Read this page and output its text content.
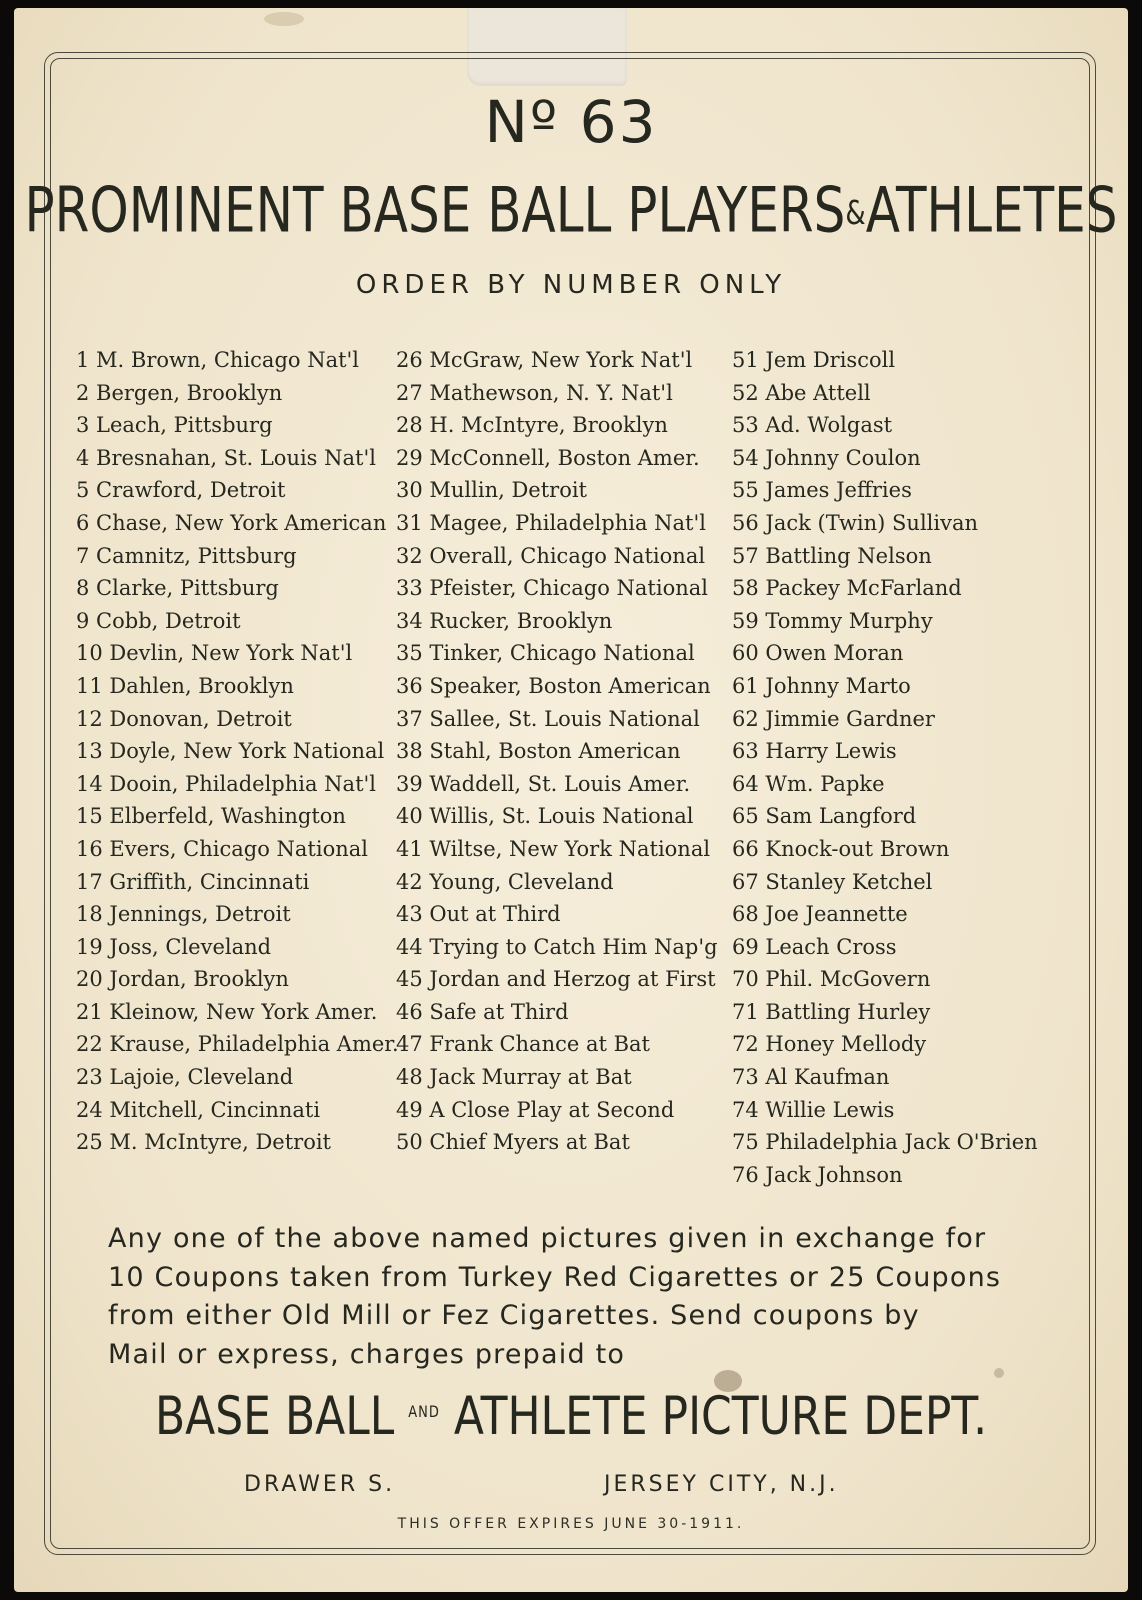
Nº 63
PROMINENT BASE BALL PLAYERS&ATHLETES
ORDER BY NUMBER ONLY
1 M. Brown, Chicago Nat'l
2 Bergen, Brooklyn
3 Leach, Pittsburg
4 Bresnahan, St. Louis Nat'l
5 Crawford, Detroit
6 Chase, New York American
7 Camnitz, Pittsburg
8 Clarke, Pittsburg
9 Cobb, Detroit
10 Devlin, New York Nat'l
11 Dahlen, Brooklyn
12 Donovan, Detroit
13 Doyle, New York National
14 Dooin, Philadelphia Nat'l
15 Elberfeld, Washington
16 Evers, Chicago National
17 Griffith, Cincinnati
18 Jennings, Detroit
19 Joss, Cleveland
20 Jordan, Brooklyn
21 Kleinow, New York Amer.
22 Krause, Philadelphia Amer.
23 Lajoie, Cleveland
24 Mitchell, Cincinnati
25 M. McIntyre, Detroit
26 McGraw, New York Nat'l
27 Mathewson, N. Y. Nat'l
28 H. McIntyre, Brooklyn
29 McConnell, Boston Amer.
30 Mullin, Detroit
31 Magee, Philadelphia Nat'l
32 Overall, Chicago National
33 Pfeister, Chicago National
34 Rucker, Brooklyn
35 Tinker, Chicago National
36 Speaker, Boston American
37 Sallee, St. Louis National
38 Stahl, Boston American
39 Waddell, St. Louis Amer.
40 Willis, St. Louis National
41 Wiltse, New York National
42 Young, Cleveland
43 Out at Third
44 Trying to Catch Him Nap'g
45 Jordan and Herzog at First
46 Safe at Third
47 Frank Chance at Bat
48 Jack Murray at Bat
49 A Close Play at Second
50 Chief Myers at Bat
51 Jem Driscoll
52 Abe Attell
53 Ad. Wolgast
54 Johnny Coulon
55 James Jeffries
56 Jack (Twin) Sullivan
57 Battling Nelson
58 Packey McFarland
59 Tommy Murphy
60 Owen Moran
61 Johnny Marto
62 Jimmie Gardner
63 Harry Lewis
64 Wm. Papke
65 Sam Langford
66 Knock-out Brown
67 Stanley Ketchel
68 Joe Jeannette
69 Leach Cross
70 Phil. McGovern
71 Battling Hurley
72 Honey Mellody
73 Al Kaufman
74 Willie Lewis
75 Philadelphia Jack O'Brien
76 Jack Johnson
Any one of the above named pictures given in exchange for
10 Coupons taken from Turkey Red Cigarettes or 25 Coupons
from either Old Mill or Fez Cigarettes. Send coupons by
Mail or express, charges prepaid to
BASE BALL $^{AND}$ ATHLETE PICTURE DEPT.
DRAWER S.	JERSEY CITY, N.J.
THIS OFFER EXPIRES JUNE 30-1911.
